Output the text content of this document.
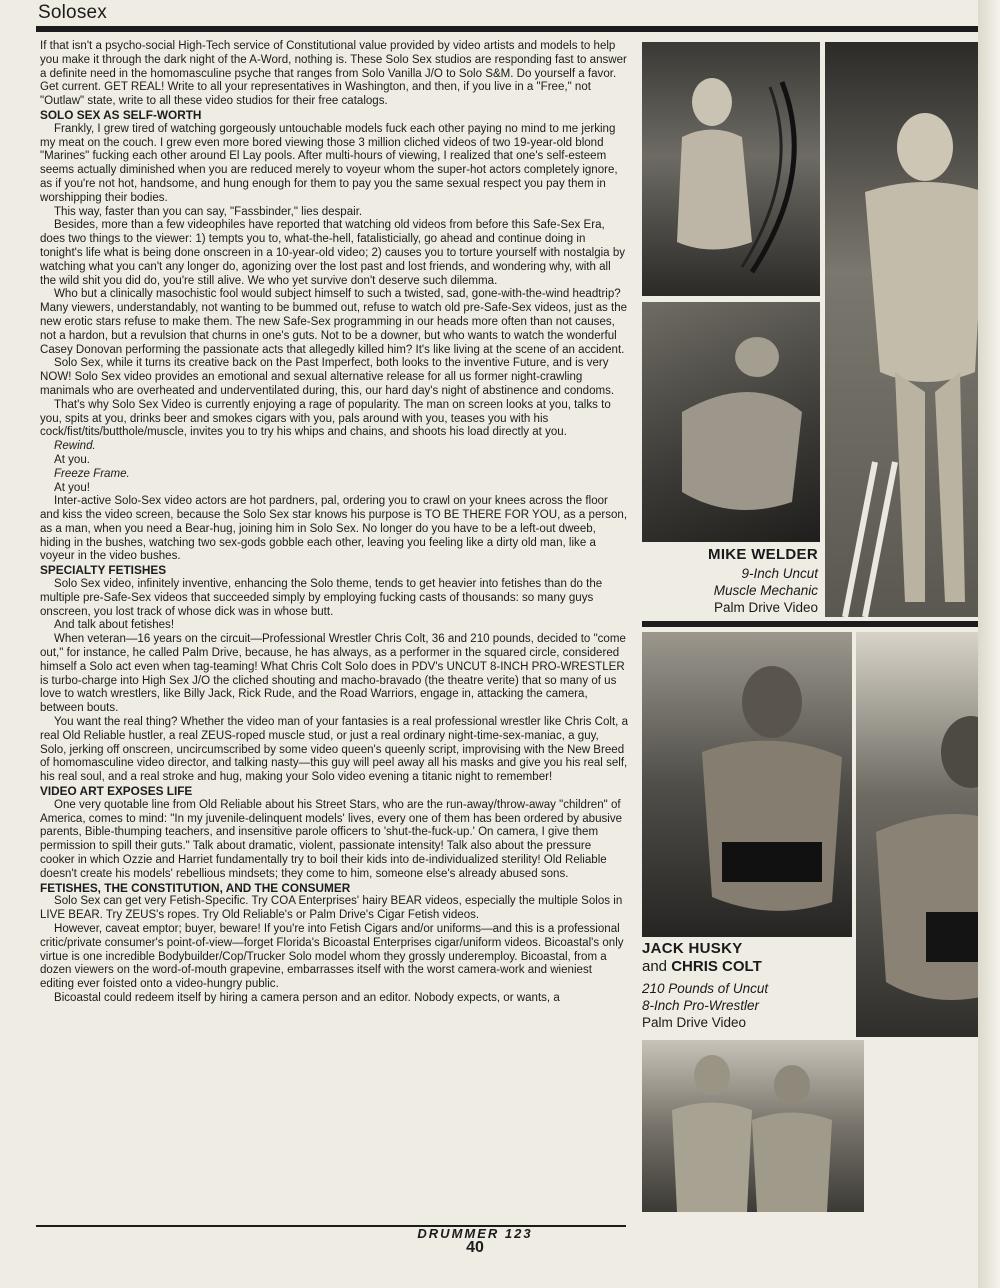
Solosex

If that isn't a psycho-social High-Tech service of Constitutional value provided by video artists and models to help you make it through the dark night of the A-Word, nothing is. These Solo Sex studios are responding fast to answer a definite need in the homomasculine psyche that ranges from Solo Vanilla J/O to Solo S&M. Do yourself a favor. Get current. GET REAL! Write to all your representatives in Washington, and then, if you live in a "Free," not "Outlaw" state, write to all these video studios for their free catalogs.

SOLO SEX AS SELF-WORTH

Frankly, I grew tired of watching gorgeously untouchable models fuck each other paying no mind to me jerking my meat on the couch. I grew even more bored viewing those 3 million cliched videos of two 19-year-old blond "Marines" fucking each other around El Lay pools. After multi-hours of viewing, I realized that one's self-esteem seems actually diminished when you are reduced merely to voyeur whom the super-hot actors completely ignore, as if you're not hot, handsome, and hung enough for them to pay you the same sexual respect you pay them in worshipping their bodies.

This way, faster than you can say, "Fassbinder," lies despair.

Besides, more than a few videophiles have reported that watching old videos from before this Safe-Sex Era, does two things to the viewer: 1) tempts you to, what-the-hell, fatalisticially, go ahead and continue doing in tonight's life what is being done onscreen in a 10-year-old video; 2) causes you to torture yourself with nostalgia by watching what you can't any longer do, agonizing over the lost past and lost friends, and wondering why, with all the wild shit you did do, you're still alive. We who yet survive don't deserve such dilemma.

Who but a clinically masochistic fool would subject himself to such a twisted, sad, gone-with-the-wind headtrip? Many viewers, understandably, not wanting to be bummed out, refuse to watch old pre-Safe-Sex videos, just as the new erotic stars refuse to make them. The new Safe-Sex programming in our heads more often than not causes, not a hardon, but a revulsion that churns in one's guts. Not to be a downer, but who wants to watch the wonderful Casey Donovan performing the passionate acts that allegedly killed him? It's like living at the scene of an accident.

Solo Sex, while it turns its creative back on the Past Imperfect, both looks to the inventive Future, and is very NOW! Solo Sex video provides an emotional and sexual alternative release for all us former night-crawling manimals who are overheated and underventilated during, this, our hard day's night of abstinence and condoms.

That's why Solo Sex Video is currently enjoying a rage of popularity. The man on screen looks at you, talks to you, spits at you, drinks beer and smokes cigars with you, pals around with you, teases you with his cock/fist/tits/butthole/muscle, invites you to try his whips and chains, and shoots his load directly at you.

Rewind.

At you.

Freeze Frame.

At you!

Inter-active Solo-Sex video actors are hot pardners, pal, ordering you to crawl on your knees across the floor and kiss the video screen, because the Solo Sex star knows his purpose is TO BE THERE FOR YOU, as a person, as a man, when you need a Bear-hug, joining him in Solo Sex. No longer do you have to be a left-out dweeb, hiding in the bushes, watching two sex-gods gobble each other, leaving you feeling like a dirty old man, like a voyeur in the video bushes.

SPECIALTY FETISHES

Solo Sex video, infinitely inventive, enhancing the Solo theme, tends to get heavier into fetishes than do the multiple pre-Safe-Sex videos that succeeded simply by employing fucking casts of thousands: so many guys onscreen, you lost track of whose dick was in whose butt.

And talk about fetishes!

When veteran—16 years on the circuit—Professional Wrestler Chris Colt, 36 and 210 pounds, decided to "come out," for instance, he called Palm Drive, because, he has always, as a performer in the squared circle, considered himself a Solo act even when tag-teaming! What Chris Colt Solo does in PDV's UNCUT 8-INCH PRO-WRESTLER is turbo-charge into High Sex J/O the cliched shouting and macho-bravado (the theatre verite) that so many of us love to watch wrestlers, like Billy Jack, Rick Rude, and the Road Warriors, engage in, attacking the camera, between bouts.

You want the real thing? Whether the video man of your fantasies is a real professional wrestler like Chris Colt, a real Old Reliable hustler, a real ZEUS-roped muscle stud, or just a real ordinary night-time-sex-maniac, a guy, Solo, jerking off onscreen, uncircumscribed by some video queen's queenly script, improvising with the New Breed of homomasculine video director, and talking nasty—this guy will peel away all his masks and give you his real self, his real soul, and a real stroke and hug, making your Solo video evening a titanic night to remember!

VIDEO ART EXPOSES LIFE

One very quotable line from Old Reliable about his Street Stars, who are the run-away/throw-away "children" of America, comes to mind: "In my juvenile-delinquent models' lives, every one of them has been ordered by abusive parents, Bible-thumping teachers, and insensitive parole officers to 'shut-the-fuck-up.' On camera, I give them permission to spill their guts." Talk about dramatic, violent, passionate intensity! Talk also about the pressure cooker in which Ozzie and Harriet fundamentally try to boil their kids into de-individualized sterility! Old Reliable doesn't create his models' rebellious mindsets; they come to him, someone else's already abused sons.

FETISHES, THE CONSTITUTION, AND THE CONSUMER

Solo Sex can get very Fetish-Specific. Try COA Enterprises' hairy BEAR videos, especially the multiple Solos in LIVE BEAR. Try ZEUS's ropes. Try Old Reliable's or Palm Drive's Cigar Fetish videos.

However, caveat emptor; buyer, beware! If you're into Fetish Cigars and/or uniforms—and this is a professional critic/private consumer's point-of-view—forget Florida's Bicoastal Enterprises cigar/uniform videos. Bicoastal's only virtue is one incredible Bodybuilder/Cop/Trucker Solo model whom they grossly underemploy. Bicoastal, from a dozen viewers on the word-of-mouth grapevine, embarrasses itself with the worst camera-work and wieniest editing ever foisted onto a video-hungry public.

Bicoastal could redeem itself by hiring a camera person and an editor. Nobody expects, or wants, a

MIKE WELDER
9-Inch Uncut
Muscle Mechanic
Palm Drive Video
JACK HUSKY
and CHRIS COLT
210 Pounds of Uncut
8-Inch Pro-Wrestler
Palm Drive Video
DRUMMER 123
40
